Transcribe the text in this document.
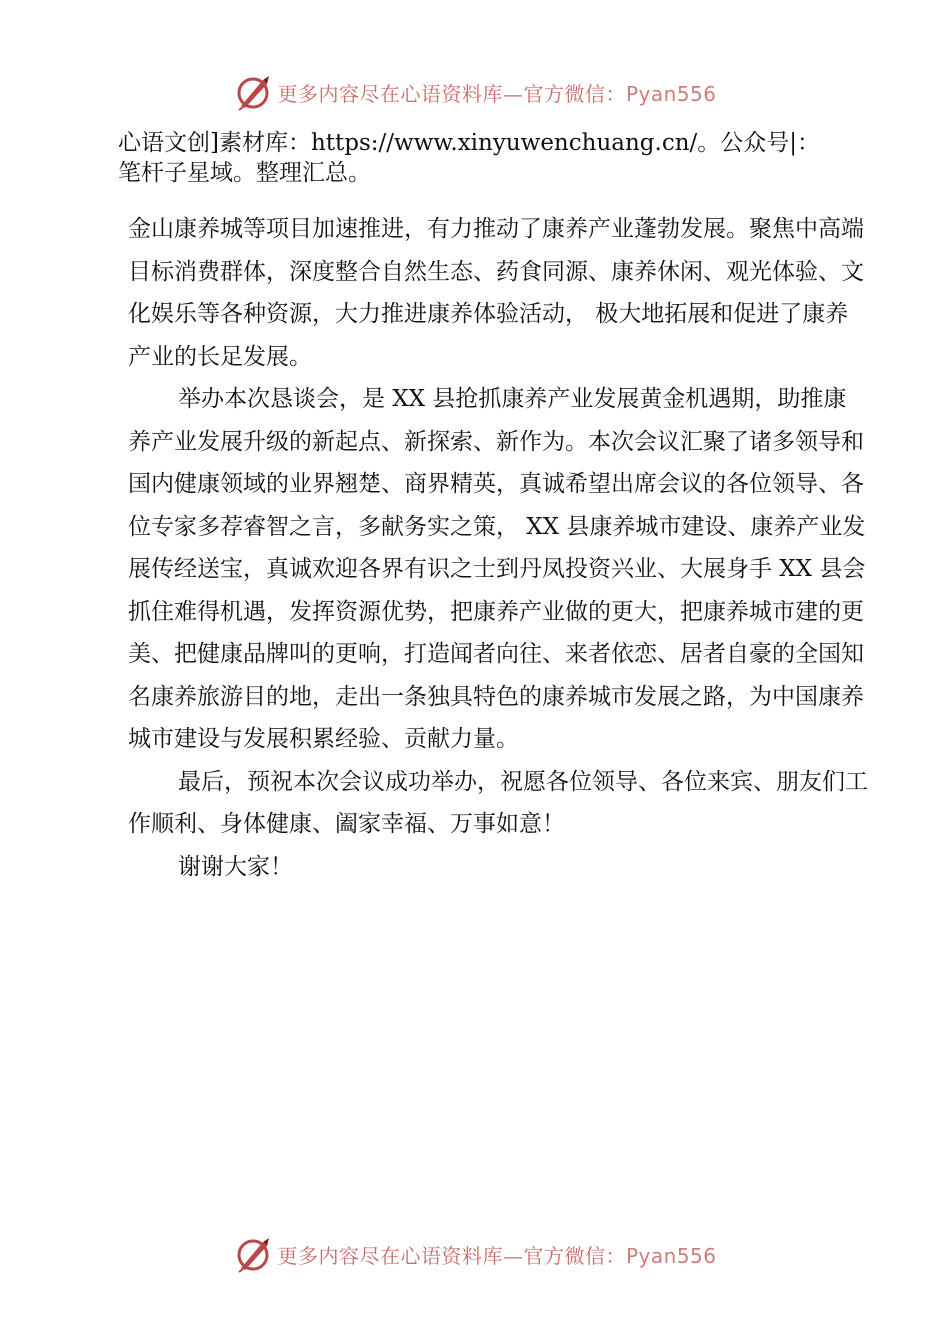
更多内容尽在心语资料库—官方微信：Pyan556
心语文创]素材库：https://www.xinyuwenchuang.cn/。公众号|：
笔杆子星域。整理汇总。

金山康养城等项目加速推进，有力推动了康养产业蓬勃发展。聚焦中高端目标消费群体，深度整合自然生态、药食同源、康养休闲、观光体验、文化娱乐等各种资源，大力推进康养体验活动， 极大地拓展和促进了康养产业的长足发展。

举办本次恳谈会，是 XX 县抢抓康养产业发展黄金机遇期，助推康养产业发展升级的新起点、新探索、新作为。本次会议汇聚了诸多领导和国内健康领域的业界翘楚、商界精英，真诚希望出席会议的各位领导、各位专家多荐睿智之言，多献务实之策， XX 县康养城市建设、康养产业发展传经送宝，真诚欢迎各界有识之士到丹凤投资兴业、大展身手 XX 县会抓住难得机遇，发挥资源优势，把康养产业做的更大，把康养城市建的更美、把健康品牌叫的更响，打造闻者向往、来者依恋、居者自豪的全国知名康养旅游目的地，走出一条独具特色的康养城市发展之路，为中国康养城市建设与发展积累经验、贡献力量。

最后，预祝本次会议成功举办，祝愿各位领导、各位来宾、朋友们工作顺利、身体健康、阖家幸福、万事如意！

谢谢大家！

更多内容尽在心语资料库—官方微信：Pyan556
